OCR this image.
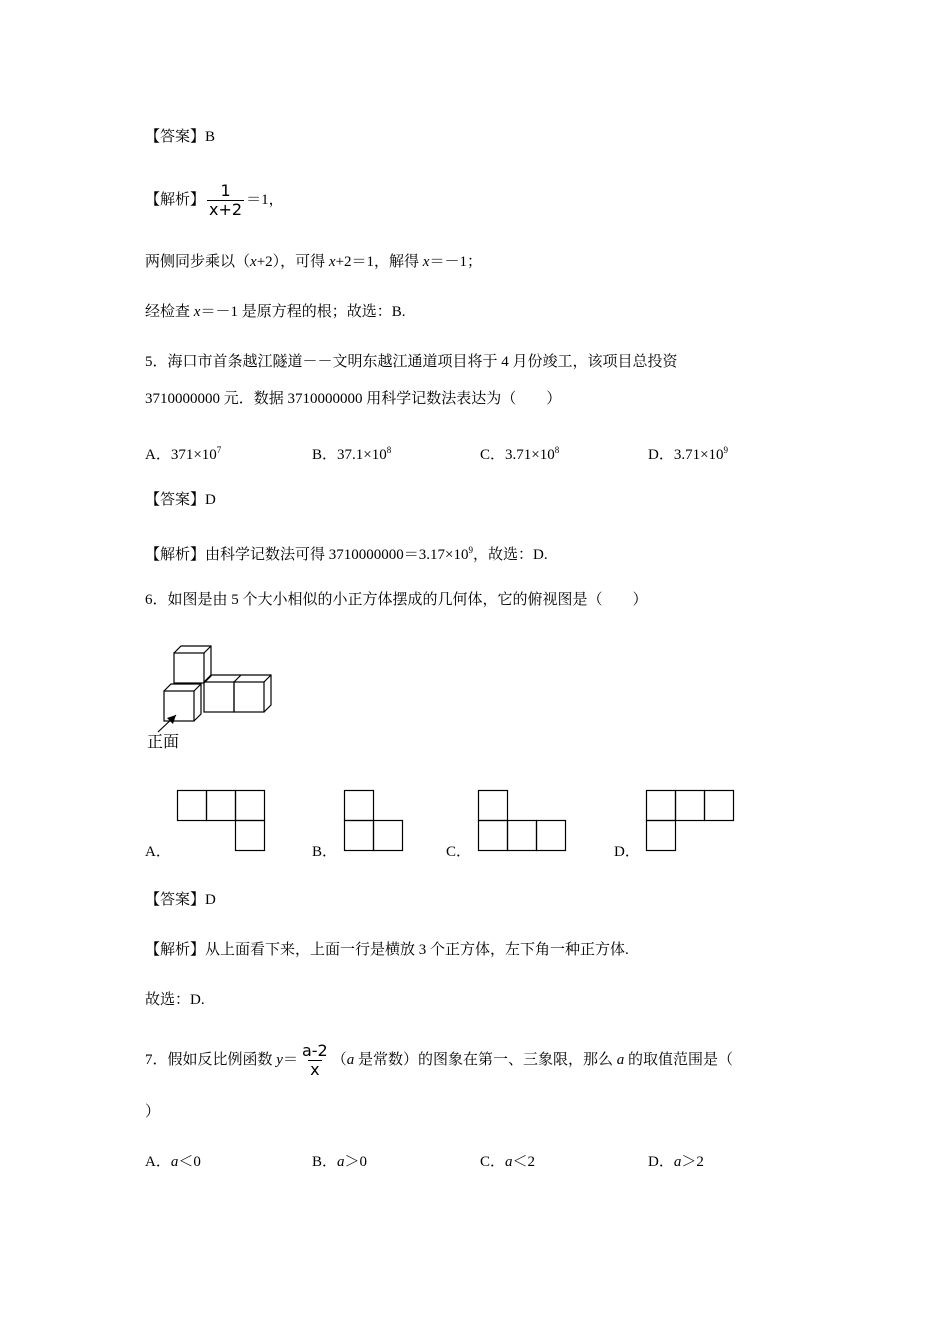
【答案】B
【解析】 $\frac{1}{x+2} =1$，
两侧同步乘以（x+2），可得 x+2＝1，解得 x＝－1；
经检查 x＝－1 是原方程的根；故选：B.
5．海口市首条越江隧道－－文明东越江通道项目将于 4 月份竣工，该项目总投资
3710000000 元．数据 3710000000 用科学记数法表达为（　　）
A．$371\times 10^7$	B．$37.1\times 10^8$	C．$3.71\times 10^8$	D．$3.71\times 10^9$
【答案】D
【解析】由科学记数法可得 $3710000000=3.17\times 10^9$，故选：D.
6．如图是由 5 个大小相似的小正方体摆成的几何体，它的俯视图是（　　）
正面
A．	B．	C．	D．
【答案】D
【解析】从上面看下来，上面一行是横放 3 个正方体，左下角一种正方体.
故选：D.
7．假如反比例函数 $y= \frac{a-2}{x} (a$ 是常数）的图象在第一、三象限，那么 a 的取值范围是（
）
A．a＜0	B．a＞0	C．a＜2	D．a＞2
